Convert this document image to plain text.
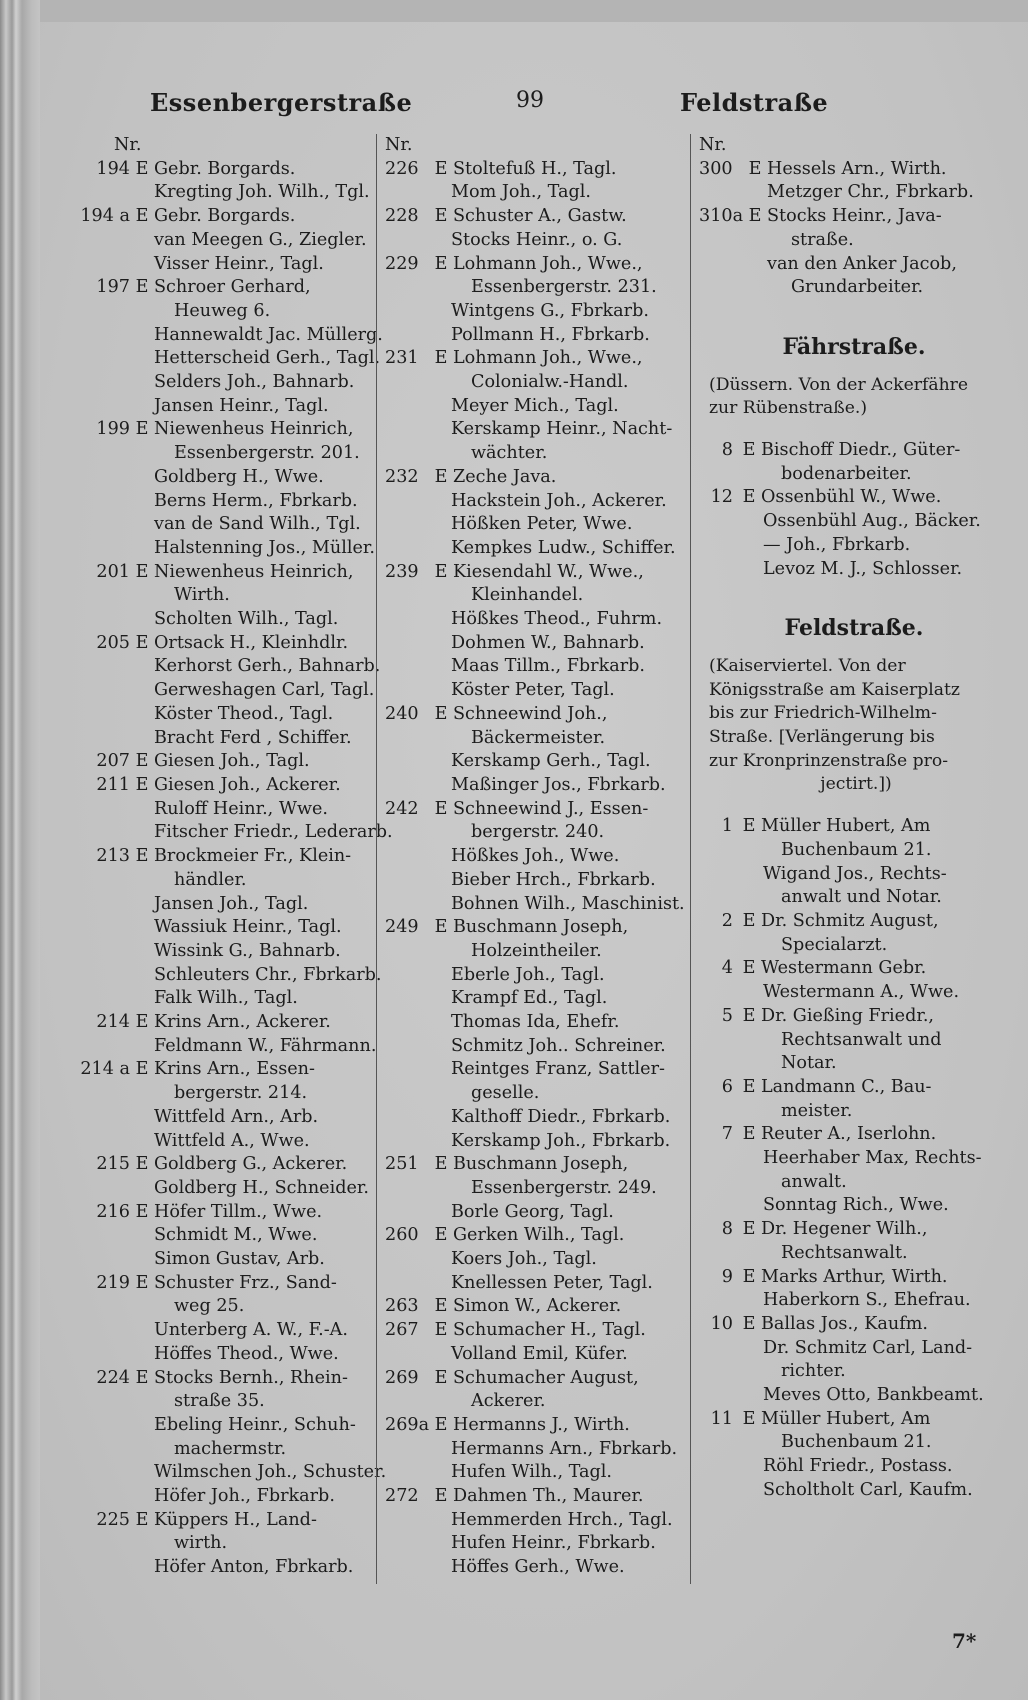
Essenbergerstraße	99	Feldstraße
Nr.
194 E Gebr. Borgards.
Kregting Joh. Wilh., Tgl.
194 a E Gebr. Borgards.
van Meegen G., Ziegler.
Visser Heinr., Tagl.
197 E Schroer Gerhard,
Heuweg 6.
Hannewaldt Jac. Müllerg.
Hetterscheid Gerh., Tagl.
Selders Joh., Bahnarb.
Jansen Heinr., Tagl.
199 E Niewenheus Heinrich,
Essenbergerstr. 201.
Goldberg H., Wwe.
Berns Herm., Fbrkarb.
van de Sand Wilh., Tgl.
Halstenning Jos., Müller.
201 E Niewenheus Heinrich,
Wirth.
Scholten Wilh., Tagl.
205 E Ortsack H., Kleinhdlr.
Kerhorst Gerh., Bahnarb.
Gerweshagen Carl, Tagl.
Köster Theod., Tagl.
Bracht Ferd , Schiffer.
207 E Giesen Joh., Tagl.
211 E Giesen Joh., Ackerer.
Ruloff Heinr., Wwe.
Fitscher Friedr., Lederarb.
213 E Brockmeier Fr., Klein-
händler.
Jansen Joh., Tagl.
Wassiuk Heinr., Tagl.
Wissink G., Bahnarb.
Schleuters Chr., Fbrkarb.
Falk Wilh., Tagl.
214 E Krins Arn., Ackerer.
Feldmann W., Fährmann.
214 a E Krins Arn., Essen-
bergerstr. 214.
Wittfeld Arn., Arb.
Wittfeld A., Wwe.
215 E Goldberg G., Ackerer.
Goldberg H., Schneider.
216 E Höfer Tillm., Wwe.
Schmidt M., Wwe.
Simon Gustav, Arb.
219 E Schuster Frz., Sand-
weg 25.
Unterberg A. W., F.-A.
Höffes Theod., Wwe.
224 E Stocks Bernh., Rhein-
straße 35.
Ebeling Heinr., Schuh-
machermstr.
Wilmschen Joh., Schuster.
Höfer Joh., Fbrkarb.
225 E Küppers H., Land-
wirth.
Höfer Anton, Fbrkarb.
Nr.
226 E Stoltefuß H., Tagl.
Mom Joh., Tagl.
228 E Schuster A., Gastw.
Stocks Heinr., o. G.
229 E Lohmann Joh., Wwe.,
Essenbergerstr. 231.
Wintgens G., Fbrkarb.
Pollmann H., Fbrkarb.
231 E Lohmann Joh., Wwe.,
Colonialw.-Handl.
Meyer Mich., Tagl.
Kerskamp Heinr., Nacht-
wächter.
232 E Zeche Java.
Hackstein Joh., Ackerer.
Hößken Peter, Wwe.
Kempkes Ludw., Schiffer.
239 E Kiesendahl W., Wwe.,
Kleinhandel.
Hößkes Theod., Fuhrm.
Dohmen W., Bahnarb.
Maas Tillm., Fbrkarb.
Köster Peter, Tagl.
240 E Schneewind Joh.,
Bäckermeister.
Kerskamp Gerh., Tagl.
Maßinger Jos., Fbrkarb.
242 E Schneewind J., Essen-
bergerstr. 240.
Hößkes Joh., Wwe.
Bieber Hrch., Fbrkarb.
Bohnen Wilh., Maschinist.
249 E Buschmann Joseph,
Holzeintheiler.
Eberle Joh., Tagl.
Krampf Ed., Tagl.
Thomas Ida, Ehefr.
Schmitz Joh.. Schreiner.
Reintges Franz, Sattler-
geselle.
Kalthoff Diedr., Fbrkarb.
Kerskamp Joh., Fbrkarb.
251 E Buschmann Joseph,
Essenbergerstr. 249.
Borle Georg, Tagl.
260 E Gerken Wilh., Tagl.
Koers Joh., Tagl.
Knellessen Peter, Tagl.
263 E Simon W., Ackerer.
267 E Schumacher H., Tagl.
Volland Emil, Küfer.
269 E Schumacher August,
Ackerer.
269a E Hermanns J., Wirth.
Hermanns Arn., Fbrkarb.
Hufen Wilh., Tagl.
272 E Dahmen Th., Maurer.
Hemmerden Hrch., Tagl.
Hufen Heinr., Fbrkarb.
Höffes Gerh., Wwe.
Nr.
300 E Hessels Arn., Wirth.
Metzger Chr., Fbrkarb.
310a E Stocks Heinr., Java-
straße.
van den Anker Jacob,
Grundarbeiter.
Fährstraße.
(Düssern. Von der Ackerfähre
zur Rübenstraße.)
8 E Bischoff Diedr., Güter-
bodenarbeiter.
12 E Ossenbühl W., Wwe.
Ossenbühl Aug., Bäcker.
— Joh., Fbrkarb.
Levoz M. J., Schlosser.
Feldstraße.
(Kaiserviertel. Von der
Königsstraße am Kaiserplatz
bis zur Friedrich-Wilhelm-
Straße. [Verlängerung bis
zur Kronprinzenstraße pro-
jectirt.])
1 E Müller Hubert, Am
Buchenbaum 21.
Wigand Jos., Rechts-
anwalt und Notar.
2 E Dr. Schmitz August,
Specialarzt.
4 E Westermann Gebr.
Westermann A., Wwe.
5 E Dr. Gießing Friedr.,
Rechtsanwalt und
Notar.
6 E Landmann C., Bau-
meister.
7 E Reuter A., Iserlohn.
Heerhaber Max, Rechts-
anwalt.
Sonntag Rich., Wwe.
8 E Dr. Hegener Wilh.,
Rechtsanwalt.
9 E Marks Arthur, Wirth.
Haberkorn S., Ehefrau.
10 E Ballas Jos., Kaufm.
Dr. Schmitz Carl, Land-
richter.
Meves Otto, Bankbeamt.
11 E Müller Hubert, Am
Buchenbaum 21.
Röhl Friedr., Postass.
Scholtholt Carl, Kaufm.
7*
